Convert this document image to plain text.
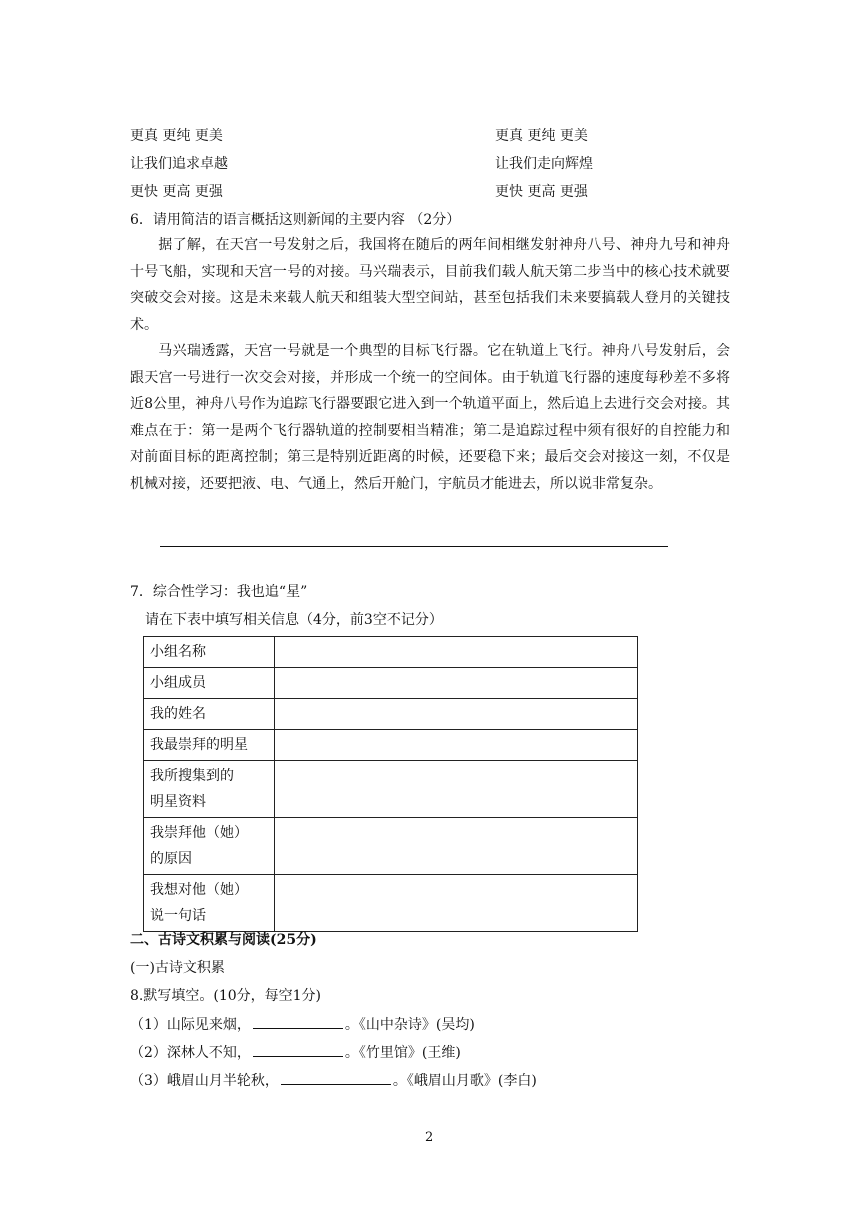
更真 更纯 更美
让我们追求卓越
更快 更高 更强
更真 更纯 更美
让我们走向辉煌
更快 更高 更强
6．请用简洁的语言概括这则新闻的主要内容 （2分）
据了解，在天宫一号发射之后，我国将在随后的两年间相继发射神舟八号、神舟九号和神舟十号飞船，实现和天宫一号的对接。马兴瑞表示，目前我们载人航天第二步当中的核心技术就要突破交会对接。这是未来载人航天和组装大型空间站，甚至包括我们未来要搞载人登月的关键技术。
马兴瑞透露，天宫一号就是一个典型的目标飞行器。它在轨道上飞行。神舟八号发射后，会跟天宫一号进行一次交会对接，并形成一个统一的空间体。由于轨道飞行器的速度每秒差不多将近8公里，神舟八号作为追踪飞行器要跟它进入到一个轨道平面上，然后追上去进行交会对接。其难点在于：第一是两个飞行器轨道的控制要相当精准；第二是追踪过程中须有很好的自控能力和对前面目标的距离控制；第三是特别近距离的时候，还要稳下来；最后交会对接这一刻，不仅是机械对接，还要把液、电、气通上，然后开舱门，宇航员才能进去，所以说非常复杂。
7．综合性学习：我也追“星”
请在下表中填写相关信息（4分，前3空不记分）
小组名称	
小组成员	
我的姓名	
我最崇拜的明星	
我所搜集到的
明星资料	
我崇拜他（她）
的原因	
我想对他（她）
说一句话	
二、古诗文积累与阅读(25分)
(一)古诗文积累
8.默写填空。(10分，每空1分)
（1）山际见来烟，	。《山中杂诗》(吴均)
（2）深林人不知，	。《竹里馆》(王维)
（3）峨眉山月半轮秋，	。《峨眉山月歌》(李白)
2
